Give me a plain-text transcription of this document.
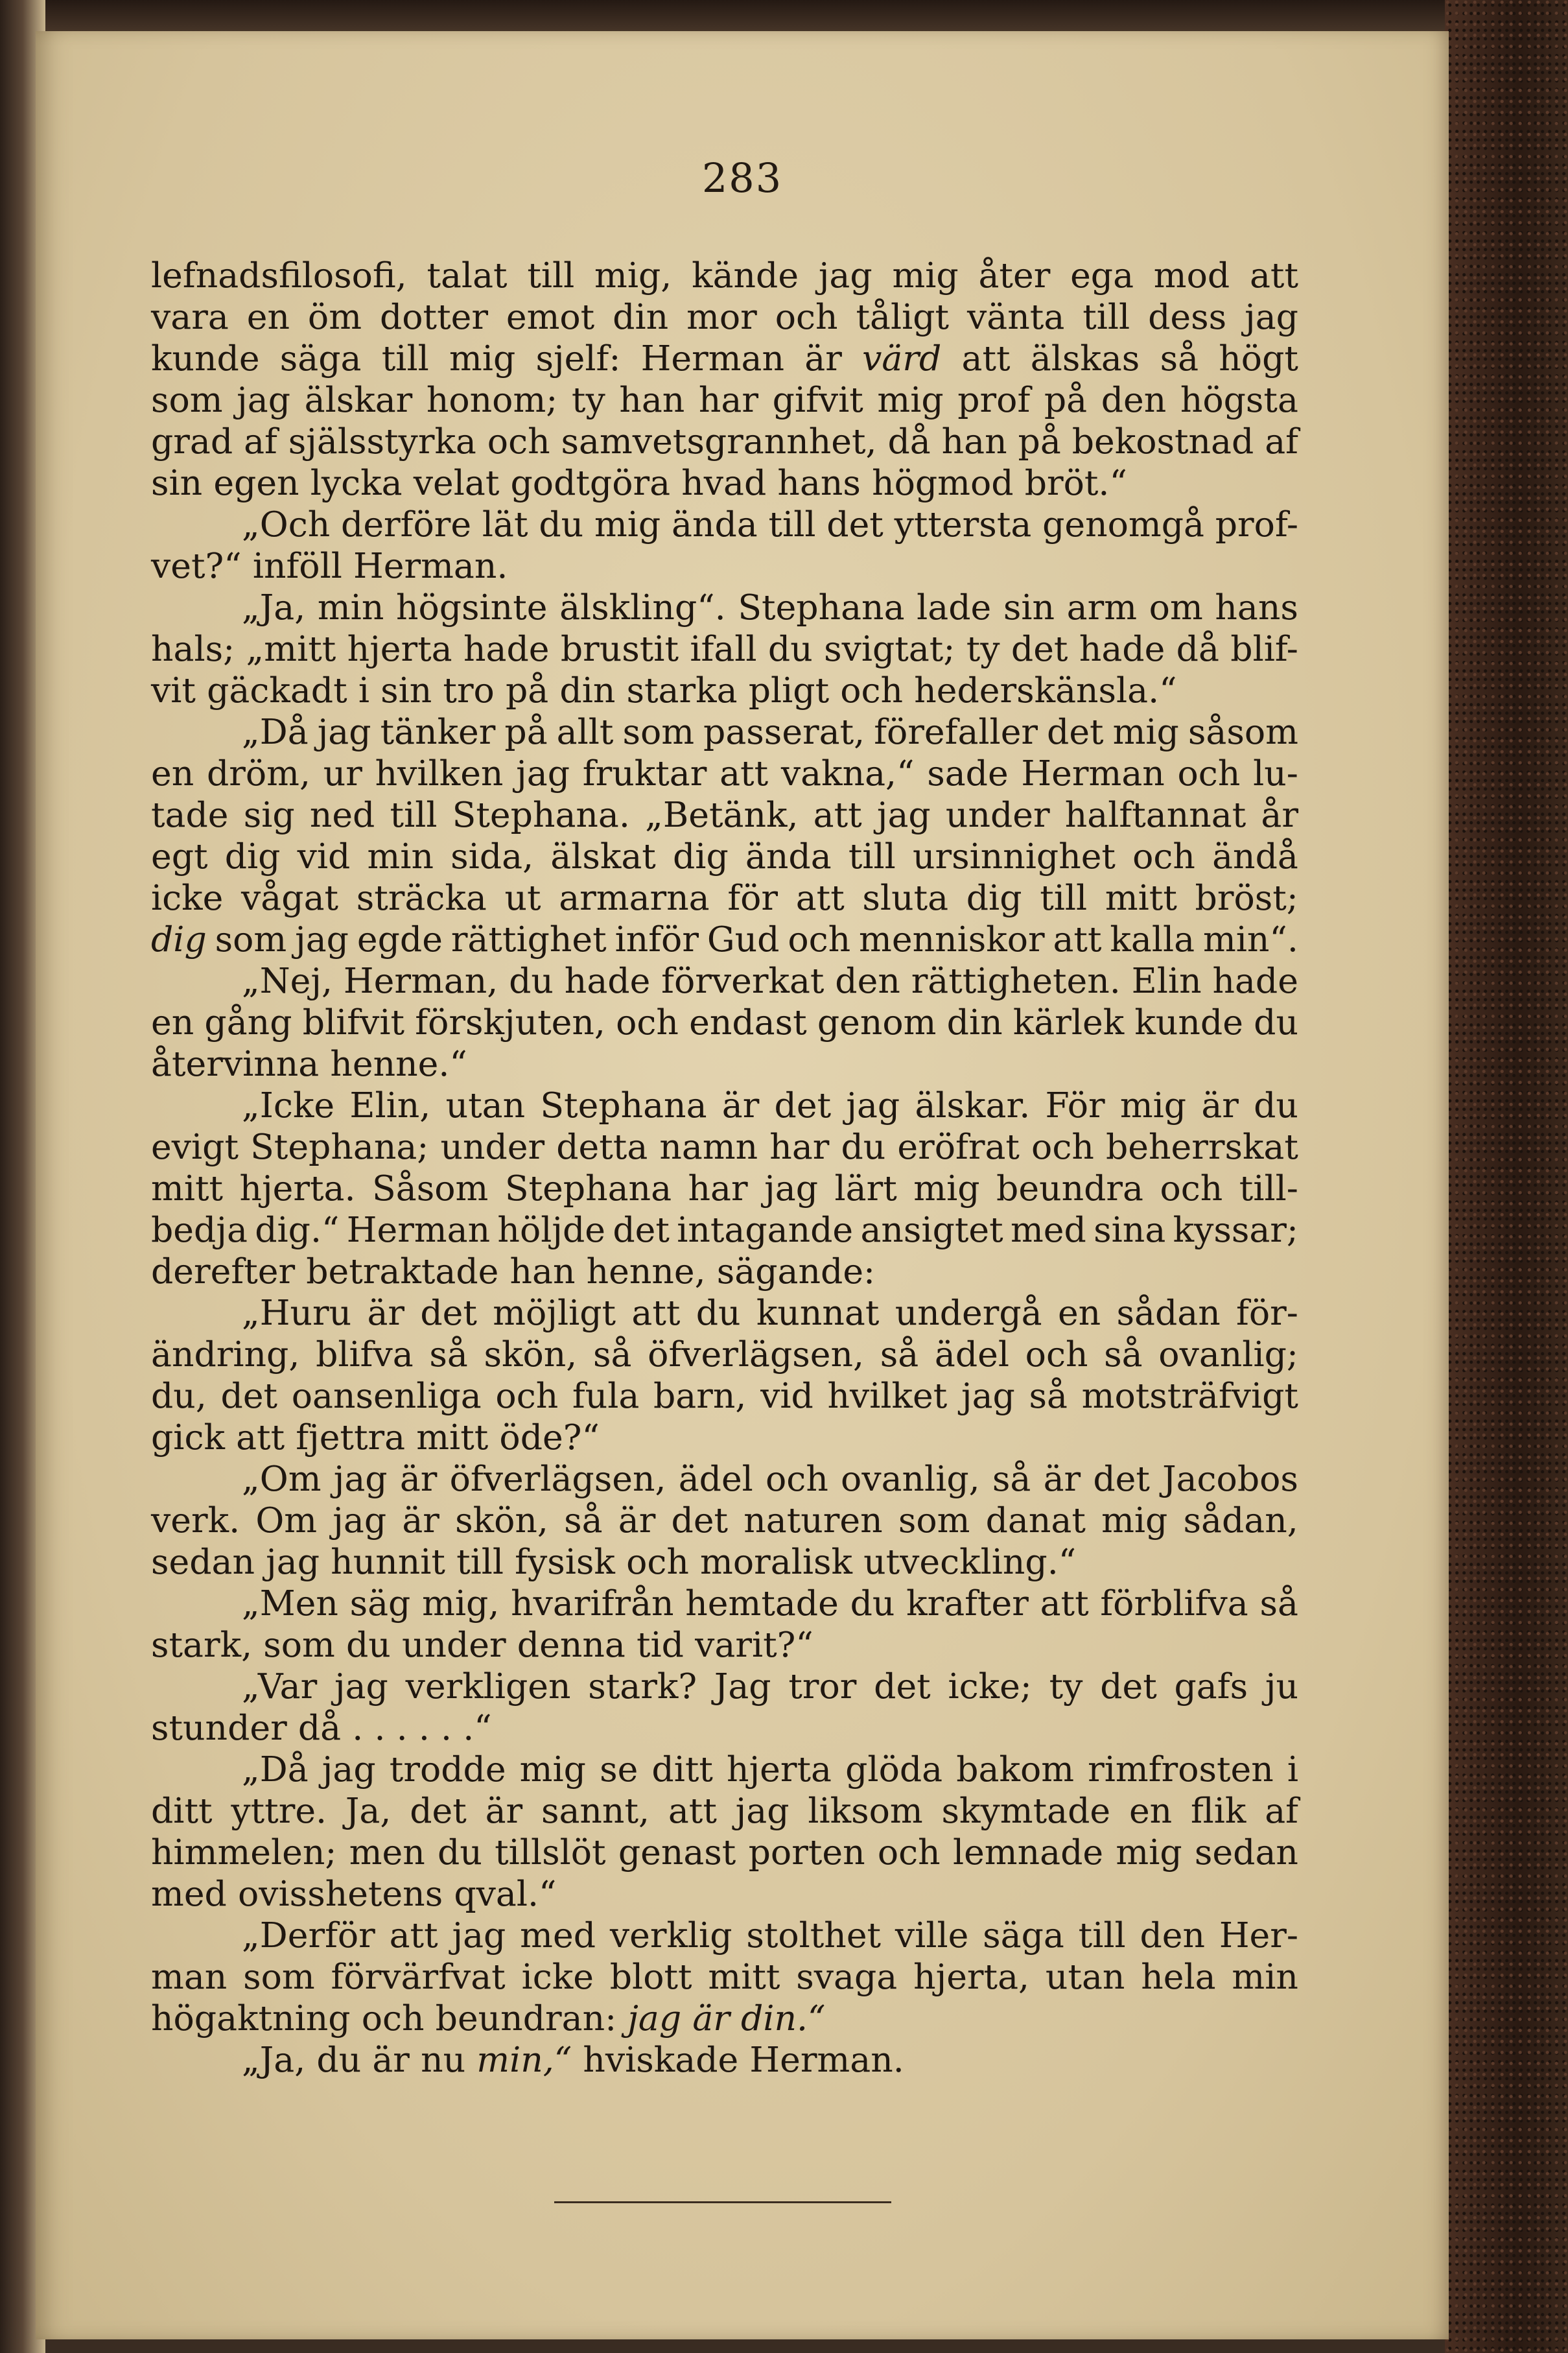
283
lefnadsfilosofi, talat till mig, kände jag mig åter ega mod att
vara en öm dotter emot din mor och tåligt vänta till dess jag
kunde säga till mig sjelf: Herman är värd att älskas så högt
som jag älskar honom; ty han har gifvit mig prof på den högsta
grad af själsstyrka och samvetsgrannhet, då han på bekostnad af
sin egen lycka velat godtgöra hvad hans högmod bröt.“
„Och derföre lät du mig ända till det yttersta genomgå prof-
vet?“ inföll Herman.
„Ja, min högsinte älskling“. Stephana lade sin arm om hans
hals; „mitt hjerta hade brustit ifall du svigtat; ty det hade då blif-
vit gäckadt i sin tro på din starka pligt och hederskänsla.“
„Då jag tänker på allt som passerat, förefaller det mig såsom
en dröm, ur hvilken jag fruktar att vakna,“ sade Herman och lu-
tade sig ned till Stephana. „Betänk, att jag under halftannat år
egt dig vid min sida, älskat dig ända till ursinnighet och ändå
icke vågat sträcka ut armarna för att sluta dig till mitt bröst;
dig som jag egde rättighet inför Gud och menniskor att kalla min“.
„Nej, Herman, du hade förverkat den rättigheten. Elin hade
en gång blifvit förskjuten, och endast genom din kärlek kunde du
återvinna henne.“
„Icke Elin, utan Stephana är det jag älskar. För mig är du
evigt Stephana; under detta namn har du eröfrat och beherrskat
mitt hjerta. Såsom Stephana har jag lärt mig beundra och till-
bedja dig.“ Herman höljde det intagande ansigtet med sina kyssar;
derefter betraktade han henne, sägande:
„Huru är det möjligt att du kunnat undergå en sådan för-
ändring, blifva så skön, så öfverlägsen, så ädel och så ovanlig;
du, det oansenliga och fula barn, vid hvilket jag så motsträfvigt
gick att fjettra mitt öde?“
„Om jag är öfverlägsen, ädel och ovanlig, så är det Jacobos
verk. Om jag är skön, så är det naturen som danat mig sådan,
sedan jag hunnit till fysisk och moralisk utveckling.“
„Men säg mig, hvarifrån hemtade du krafter att förblifva så
stark, som du under denna tid varit?“
„Var jag verkligen stark? Jag tror det icke; ty det gafs ju
stunder då . . . . . .“
„Då jag trodde mig se ditt hjerta glöda bakom rimfrosten i
ditt yttre. Ja, det är sannt, att jag liksom skymtade en flik af
himmelen; men du tillslöt genast porten och lemnade mig sedan
med ovisshetens qval.“
„Derför att jag med verklig stolthet ville säga till den Her-
man som förvärfvat icke blott mitt svaga hjerta, utan hela min
högaktning och beundran: jag är din.“
„Ja, du är nu min,“ hviskade Herman.
